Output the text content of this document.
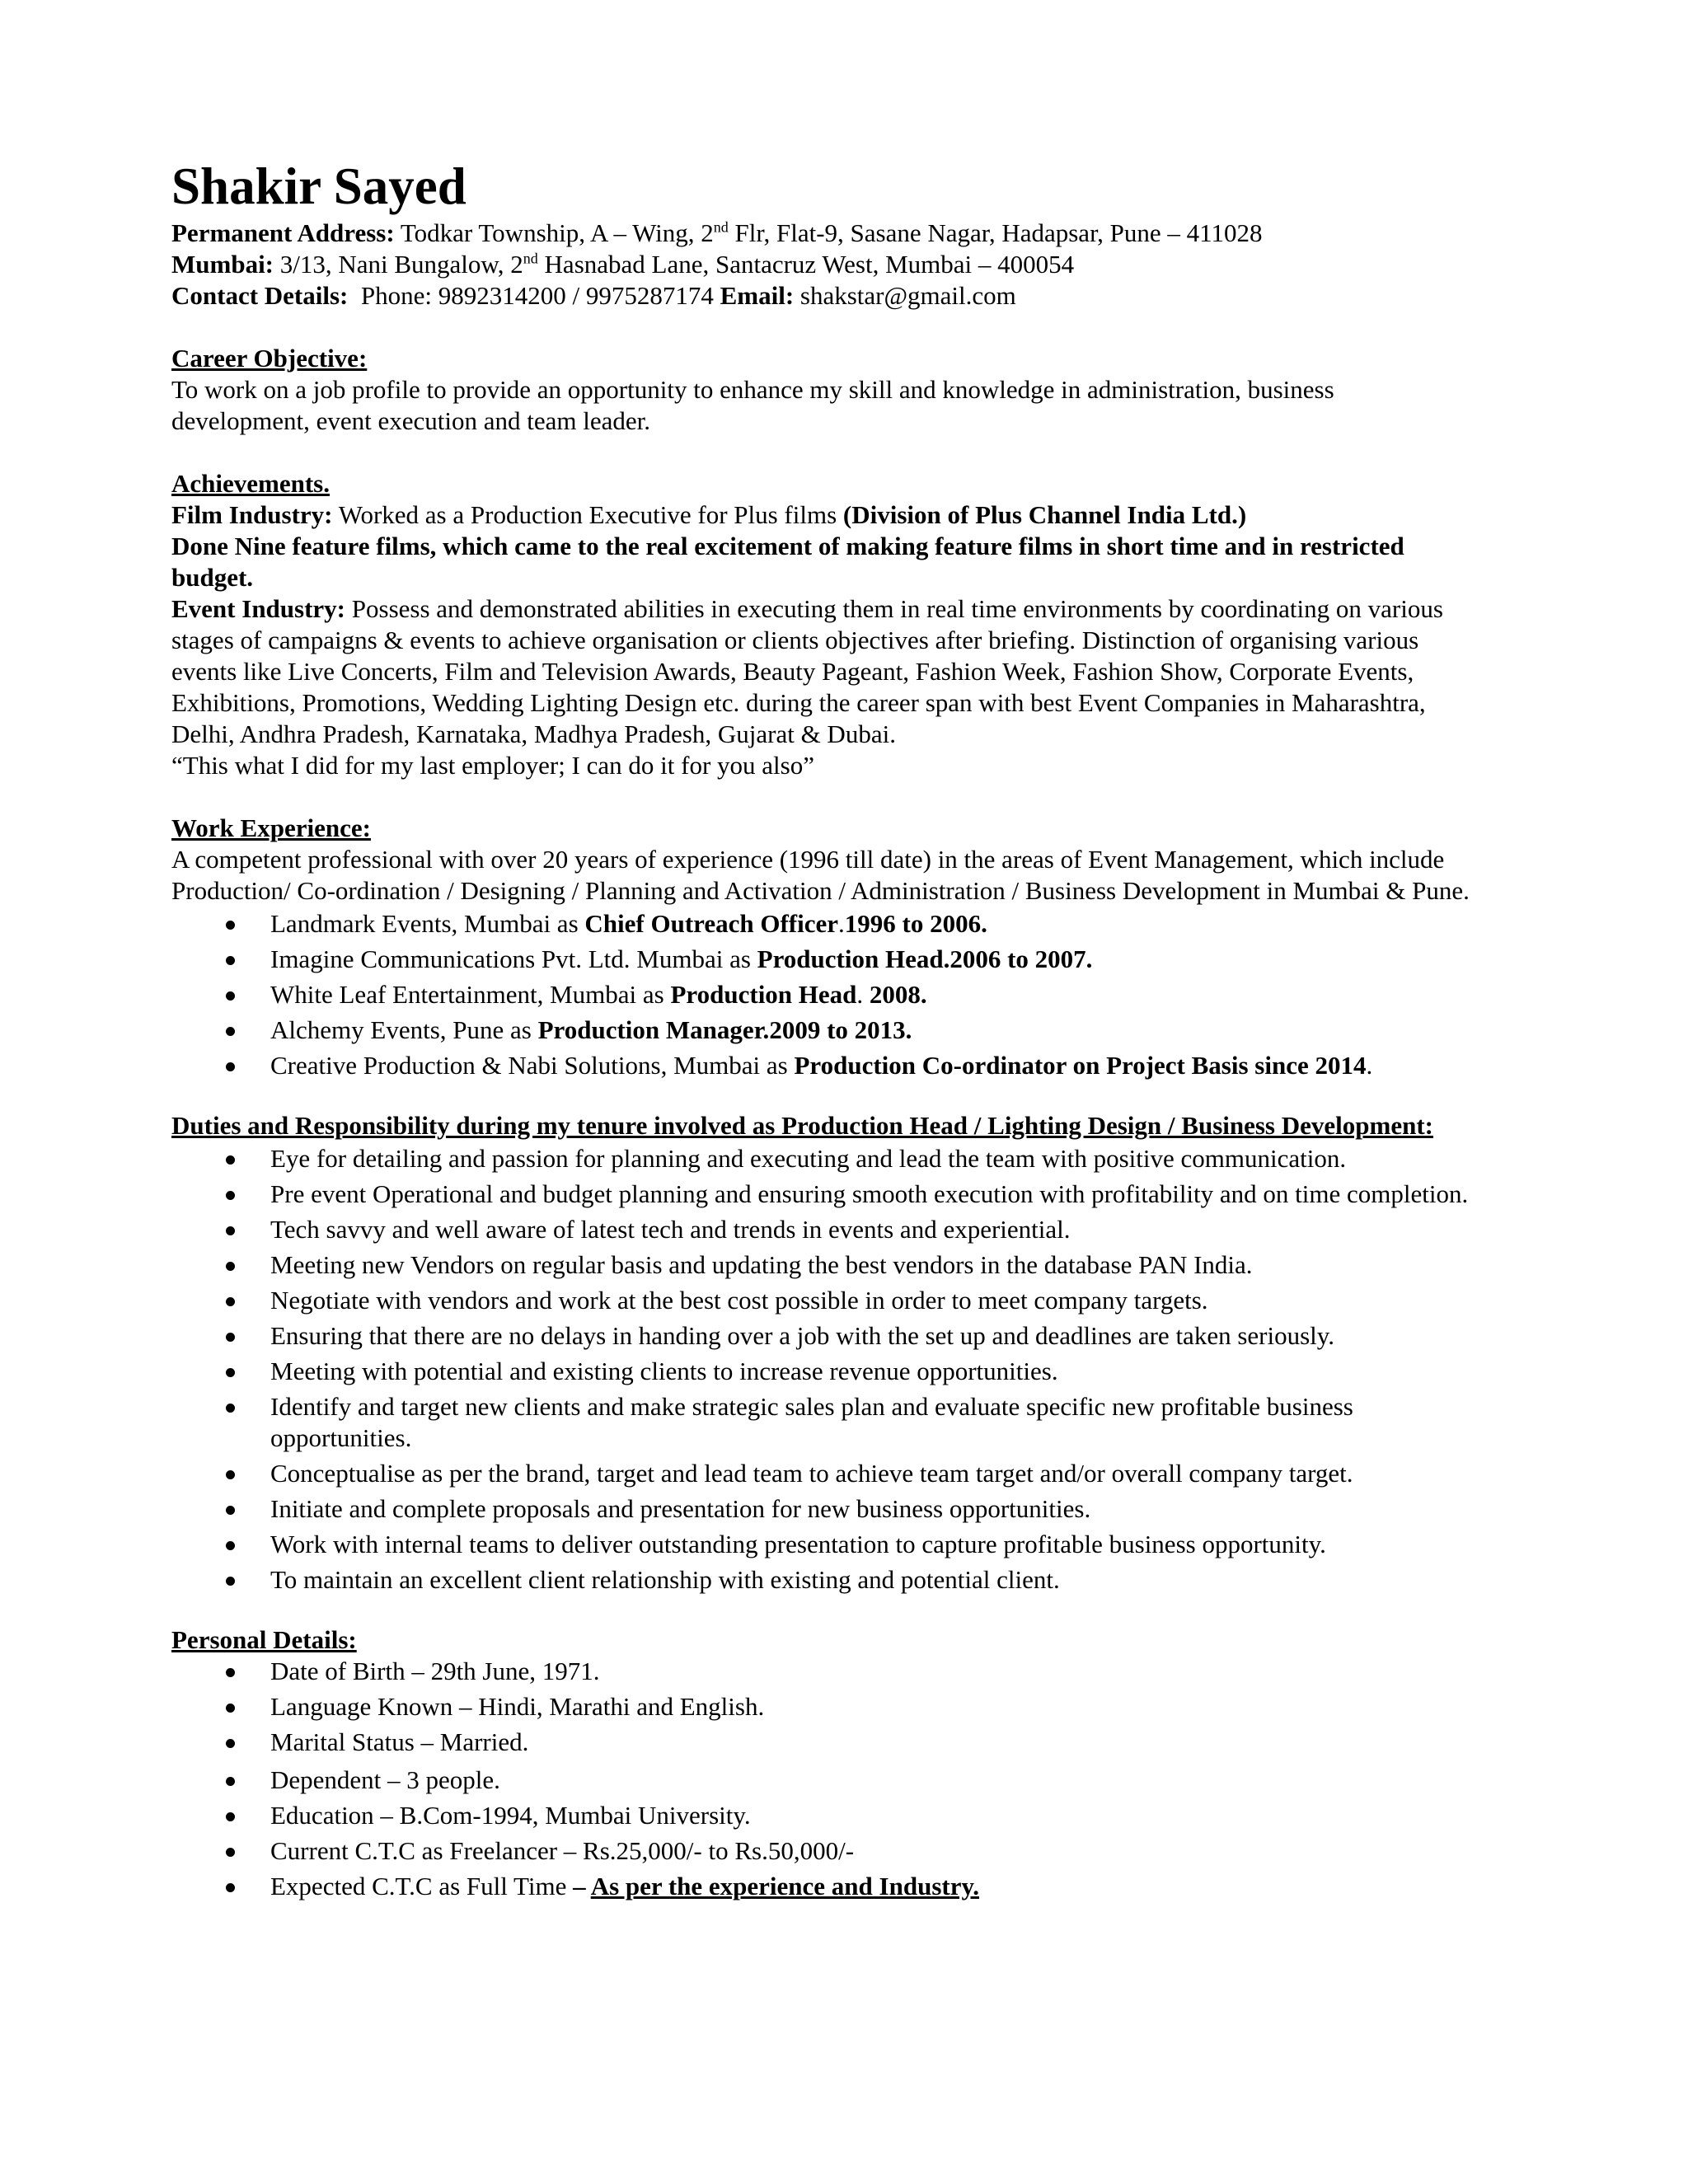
Shakir Sayed

Permanent Address: Todkar Township, A – Wing, 2nd Flr, Flat-9, Sasane Nagar, Hadapsar, Pune – 411028

Mumbai: 3/13, Nani Bungalow, 2nd Hasnabad Lane, Santacruz West, Mumbai – 400054

Contact Details:  Phone: 9892314200 / 9975287174 Email: shakstar@gmail.com

Career Objective:

To work on a job profile to provide an opportunity to enhance my skill and knowledge in administration, business

development, event execution and team leader.

Achievements.

Film Industry: Worked as a Production Executive for Plus films (Division of Plus Channel India Ltd.)

Done Nine feature films, which came to the real excitement of making feature films in short time and in restricted

budget.

Event Industry: Possess and demonstrated abilities in executing them in real time environments by coordinating on various

stages of campaigns & events to achieve organisation or clients objectives after briefing. Distinction of organising various

events like Live Concerts, Film and Television Awards, Beauty Pageant, Fashion Week, Fashion Show, Corporate Events,

Exhibitions, Promotions, Wedding Lighting Design etc. during the career span with best Event Companies in Maharashtra,

Delhi, Andhra Pradesh, Karnataka, Madhya Pradesh, Gujarat & Dubai.

“This what I did for my last employer; I can do it for you also”

Work Experience:

A competent professional with over 20 years of experience (1996 till date) in the areas of Event Management, which include

Production/ Co-ordination / Designing / Planning and Activation / Administration / Business Development in Mumbai & Pune.

Landmark Events, Mumbai as Chief Outreach Officer.1996 to 2006.
Imagine Communications Pvt. Ltd. Mumbai as Production Head.2006 to 2007.
White Leaf Entertainment, Mumbai as Production Head. 2008.
Alchemy Events, Pune as Production Manager.2009 to 2013.
Creative Production & Nabi Solutions, Mumbai as Production Co-ordinator on Project Basis since 2014.

Duties and Responsibility during my tenure involved as Production Head / Lighting Design / Business Development:

Eye for detailing and passion for planning and executing and lead the team with positive communication.
Pre event Operational and budget planning and ensuring smooth execution with profitability and on time completion.
Tech savvy and well aware of latest tech and trends in events and experiential.
Meeting new Vendors on regular basis and updating the best vendors in the database PAN India.
Negotiate with vendors and work at the best cost possible in order to meet company targets.
Ensuring that there are no delays in handing over a job with the set up and deadlines are taken seriously.
Meeting with potential and existing clients to increase revenue opportunities.
Identify and target new clients and make strategic sales plan and evaluate specific new profitable business opportunities.
Conceptualise as per the brand, target and lead team to achieve team target and/or overall company target.
Initiate and complete proposals and presentation for new business opportunities.
Work with internal teams to deliver outstanding presentation to capture profitable business opportunity.
To maintain an excellent client relationship with existing and potential client.

Personal Details:

Date of Birth – 29th June, 1971.
Language Known – Hindi, Marathi and English.
Marital Status – Married.
Dependent – 3 people.
Education – B.Com-1994, Mumbai University.
Current C.T.C as Freelancer – Rs.25,000/- to Rs.50,000/-
Expected C.T.C as Full Time – As per the experience and Industry.
